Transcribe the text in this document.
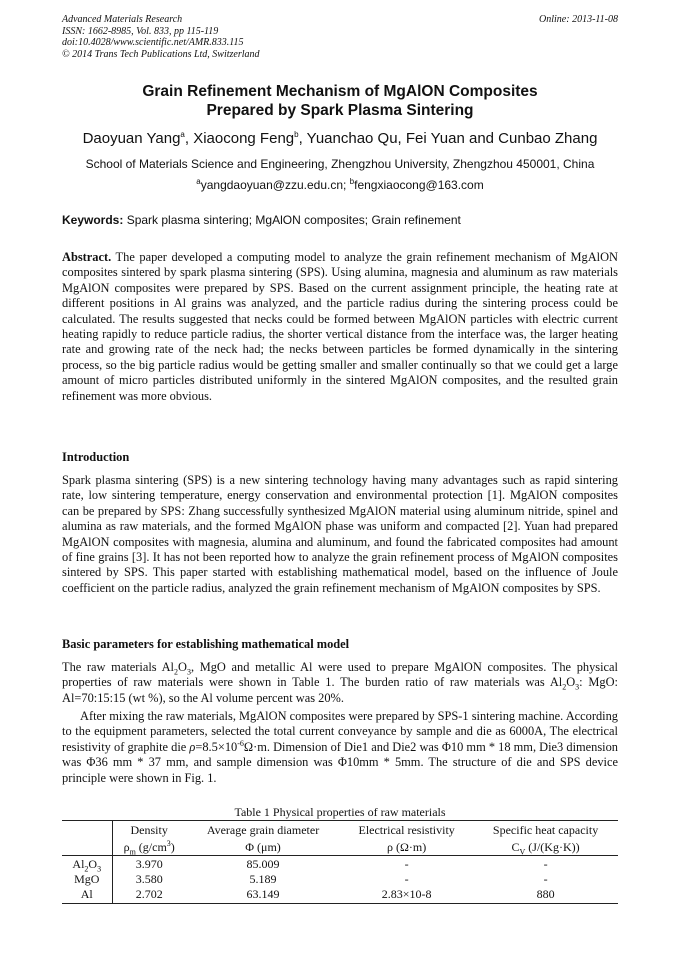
Advanced Materials Research
ISSN: 1662-8985, Vol. 833, pp 115-119
doi:10.4028/www.scientific.net/AMR.833.115
© 2014 Trans Tech Publications Ltd, Switzerland
Online: 2013-11-08
Grain Refinement Mechanism of MgAlON Composites
Prepared by Spark Plasma Sintering
Daoyuan Yang$^a$, Xiaocong Feng$^b$, Yuanchao Qu, Fei Yuan and Cunbao Zhang
School of Materials Science and Engineering, Zhengzhou University, Zhengzhou 450001, China
$^a$yangdaoyuan@zzu.edu.cn; $^b$fengxiaocong@163.com
Keywords: Spark plasma sintering; MgAlON composites; Grain refinement
Abstract. The paper developed a computing model to analyze the grain refinement mechanism of MgAlON composites sintered by spark plasma sintering (SPS). Using alumina, magnesia and aluminum as raw materials MgAlON composites were prepared by SPS. Based on the current assignment principle, the heating rate at different positions in Al grains was analyzed, and the particle radius during the sintering process could be calculated. The results suggested that necks could be formed between MgAlON particles with electric current heating rapidly to reduce particle radius, the shorter vertical distance from the interface was, the larger heating rate and growing rate of the neck had; the necks between particles be formed dynamically in the sintering process, so the big particle radius would be getting smaller and smaller continually so that we could get a large amount of micro particles distributed uniformly in the sintered MgAlON composites, and the resulted grain refinement was more obvious.
Introduction
Spark plasma sintering (SPS) is a new sintering technology having many advantages such as rapid sintering rate, low sintering temperature, energy conservation and environmental protection [1]. MgAlON composites can be prepared by SPS: Zhang successfully synthesized MgAlON material using aluminum nitride, spinel and alumina as raw materials, and the formed MgAlON phase was uniform and compacted [2]. Yuan had prepared MgAlON composites with magnesia, alumina and aluminum, and found the fabricated composites had amount of fine grains [3]. It has not been reported how to analyze the grain refinement process of MgAlON composites sintered by SPS. This paper started with establishing mathematical model, based on the influence of Joule coefficient on the particle radius, analyzed the grain refinement mechanism of MgAlON composites by SPS.
Basic parameters for establishing mathematical model
The raw materials $Al_2O_3$, MgO and metallic Al were used to prepare MgAlON composites. The physical properties of raw materials were shown in Table 1. The burden ratio of raw materials was $Al_2O_3$: MgO: Al=70:15:15 (wt %), so the Al volume percent was 20%.
After mixing the raw materials, MgAlON composites were prepared by SPS-1 sintering machine. According to the equipment parameters, selected the total current conveyance by sample and die as 6000A, The electrical resistivity of graphite die $\rho=8.5\times 10^{-6}\Omega\cdot m$. Dimension of Die1 and Die2 was Φ10 mm * 18 mm, Die3 dimension was Φ36 mm * 37 mm, and sample dimension was Φ10mm * 5mm. The structure of die and SPS device principle were shown in Fig. 1.
Table 1 Physical properties of raw materials
	Density	Average grain diameter	Electrical resistivity	Specific heat capacity
	$\rho_m$ $(g/cm^3)$	Φ (μm)	ρ (Ω·m)	$C_V$ (J/(Kg·K))
$Al_2O_3$	3.970	85.009	-	-
MgO	3.580	5.189	-	-
Al	2.702	63.149	2.83×10-8	880
